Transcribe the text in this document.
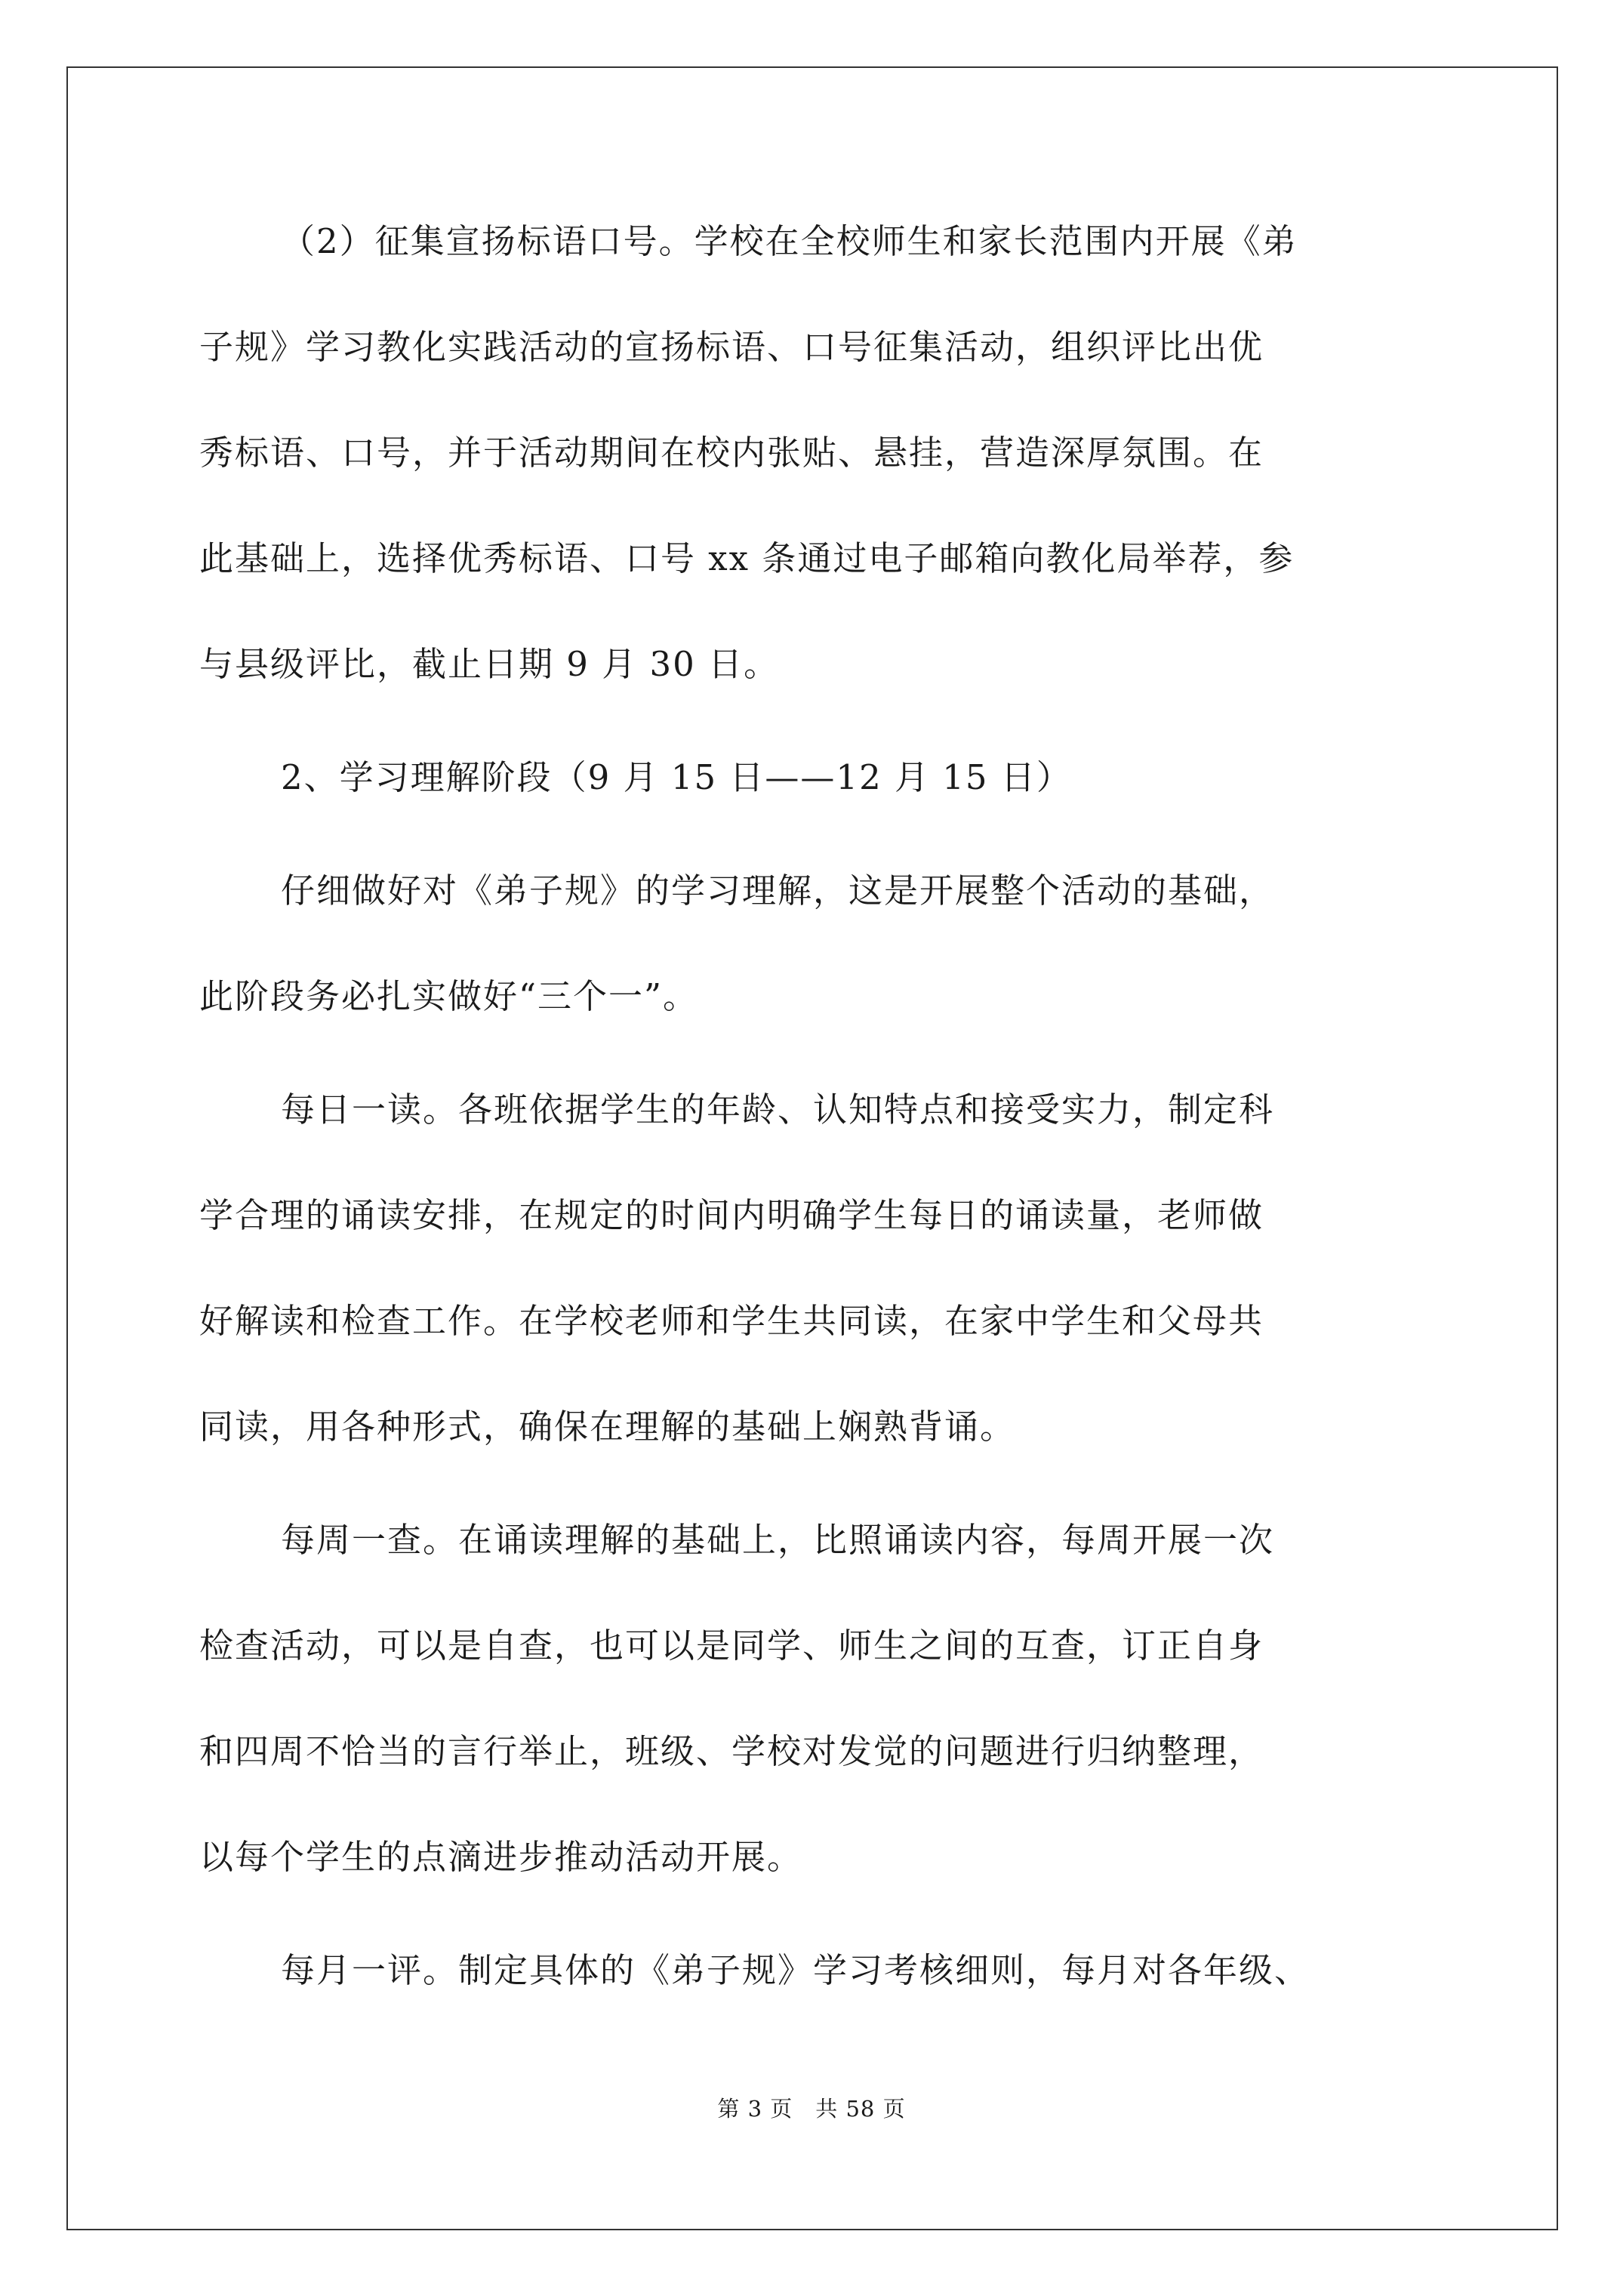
（2）征集宣扬标语口号。学校在全校师生和家长范围内开展《弟
子规》学习教化实践活动的宣扬标语、口号征集活动，组织评比出优
秀标语、口号，并于活动期间在校内张贴、悬挂，营造深厚氛围。在
此基础上，选择优秀标语、口号 xx 条通过电子邮箱向教化局举荐，参
与县级评比，截止日期 9 月 30 日。
2、学习理解阶段（9 月 15 日——12 月 15 日）
仔细做好对《弟子规》的学习理解，这是开展整个活动的基础，
此阶段务必扎实做好“三个一”。
每日一读。各班依据学生的年龄、认知特点和接受实力，制定科
学合理的诵读安排，在规定的时间内明确学生每日的诵读量，老师做
好解读和检查工作。在学校老师和学生共同读，在家中学生和父母共
同读，用各种形式，确保在理解的基础上娴熟背诵。
每周一查。在诵读理解的基础上，比照诵读内容，每周开展一次
检查活动，可以是自查，也可以是同学、师生之间的互查，订正自身
和四周不恰当的言行举止，班级、学校对发觉的问题进行归纳整理，
以每个学生的点滴进步推动活动开展。
每月一评。制定具体的《弟子规》学习考核细则，每月对各年级、
第 3 页　共 58 页
